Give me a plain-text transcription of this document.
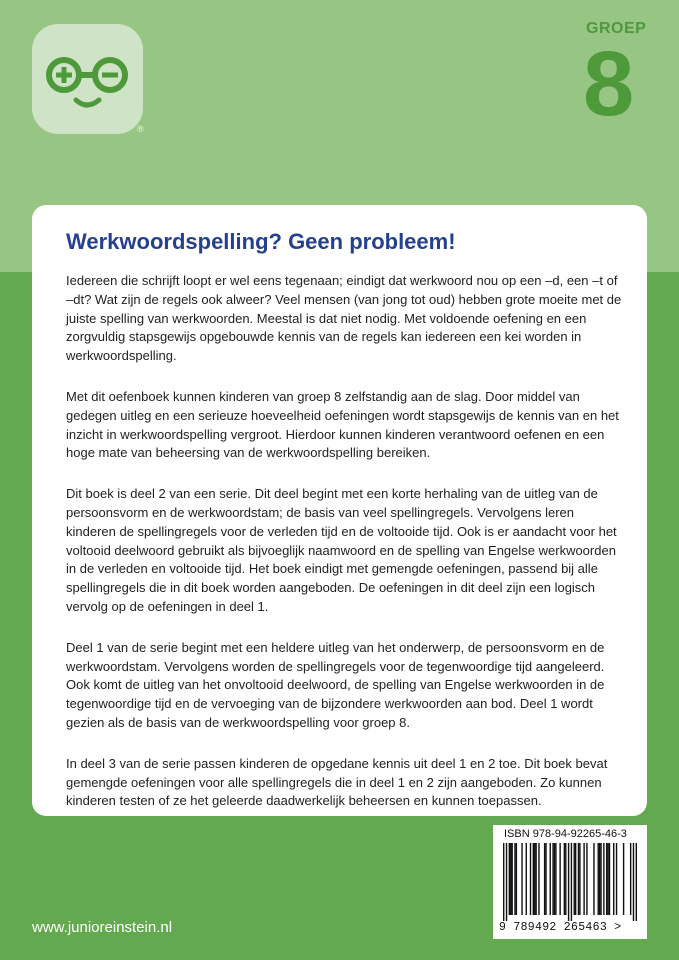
®
GROEP
8
Werkwoordspelling? Geen probleem!

Iedereen die schrijft loopt er wel eens tegenaan; eindigt dat werkwoord nou op een –d, een –t of –dt? Wat zijn de regels ook alweer? Veel mensen (van jong tot oud) hebben grote moeite met de juiste spelling van werkwoorden. Meestal is dat niet nodig. Met voldoende oefening en een zorgvuldig stapsgewijs opgebouwde kennis van de regels kan iedereen een kei worden in werkwoordspelling.

Met dit oefenboek kunnen kinderen van groep 8 zelfstandig aan de slag. Door middel van gedegen uitleg en een serieuze hoeveelheid oefeningen wordt stapsgewijs de kennis van en het inzicht in werkwoordspelling vergroot. Hierdoor kunnen kinderen verantwoord oefenen en een hoge mate van beheersing van de werkwoordspelling bereiken.

Dit boek is deel 2 van een serie. Dit deel begint met een korte herhaling van de uitleg van de persoonsvorm en de werkwoordstam; de basis van veel spellingregels. Vervolgens leren kinderen de spellingregels voor de verleden tijd en de voltooide tijd. Ook is er aandacht voor het voltooid deelwoord gebruikt als bijvoeglijk naamwoord en de spelling van Engelse werkwoorden in de verleden en voltooide tijd. Het boek eindigt met gemengde oefeningen, passend bij alle spellingregels die in dit boek worden aangeboden. De oefeningen in dit deel zijn een logisch vervolg op de oefeningen in deel 1.

Deel 1 van de serie begint met een heldere uitleg van het onderwerp, de persoonsvorm en de werkwoordstam. Vervolgens worden de spellingregels voor de tegenwoordige tijd aangeleerd. Ook komt de uitleg van het onvoltooid deelwoord, de spelling van Engelse werkwoorden in de tegenwoordige tijd en de vervoeging van de bijzondere werkwoorden aan bod. Deel 1 wordt gezien als de basis van de werkwoordspelling voor groep 8.

In deel 3 van de serie passen kinderen de opgedane kennis uit deel 1 en 2 toe. Dit boek bevat gemengde oefeningen voor alle spellingregels die in deel 1 en 2 zijn aangeboden. Zo kunnen kinderen testen of ze het geleerde daadwerkelijk beheersen en kunnen toepassen.

ISBN 978-94-92265-46-3
9 789492 265463 >
www.junioreinstein.nl
